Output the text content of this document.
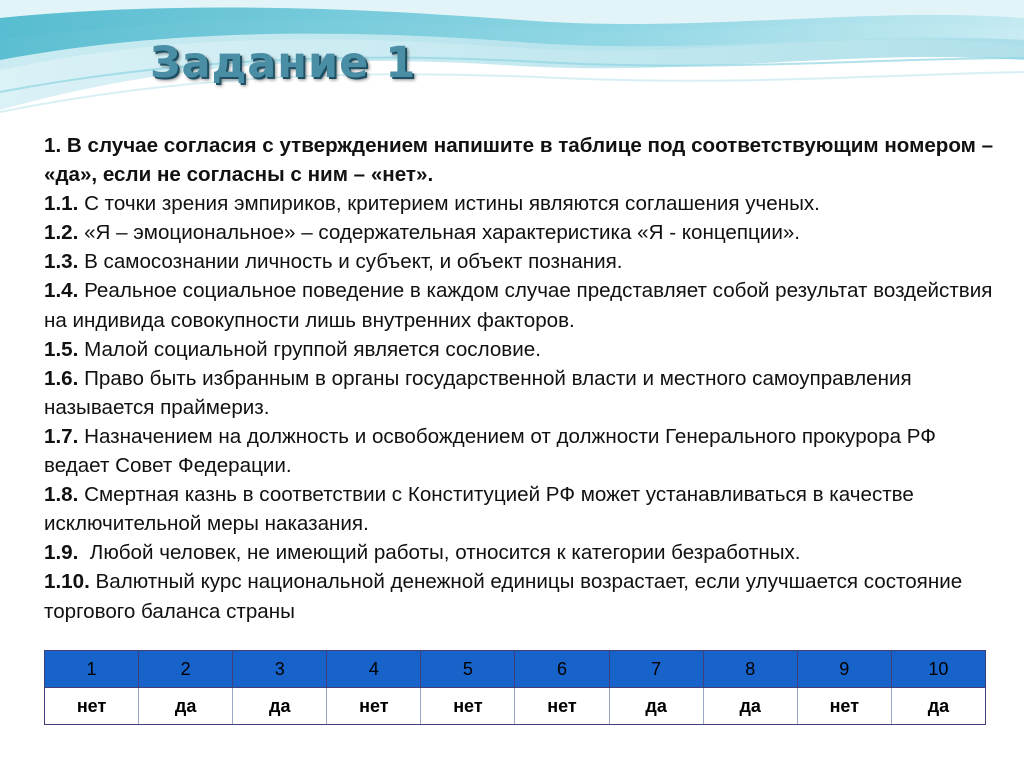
Задание 1

1. В случае согласия с утверждением напишите в таблице под соответствующим номером – «да», если не согласны с ним – «нет».

1.1. С точки зрения эмпириков, критерием истины являются соглашения ученых.

1.2. «Я – эмоциональное» – содержательная характеристика «Я - концепции».

1.3. В самосознании личность и субъект, и объект познания.

1.4. Реальное социальное поведение в каждом случае представляет собой результат воздействия на индивида совокупности лишь внутренних факторов.

1.5. Малой социальной группой является сословие.

1.6. Право быть избранным в органы государственной власти и местного самоуправления называется праймериз.

1.7. Назначением на должность и освобождением от должности Генерального прокурора РФ ведает Совет Федерации.

1.8. Смертная казнь в соответствии с Конституцией РФ может устанавливаться в качестве исключительной меры наказания.

1.9.  Любой человек, не имеющий работы, относится к категории безработных.

1.10. Валютный курс национальной денежной единицы возрастает, если улучшается состояние торгового баланса страны

1	2	3	4	5	6	7	8	9	10
нет	да	да	нет	нет	нет	да	да	нет	да
